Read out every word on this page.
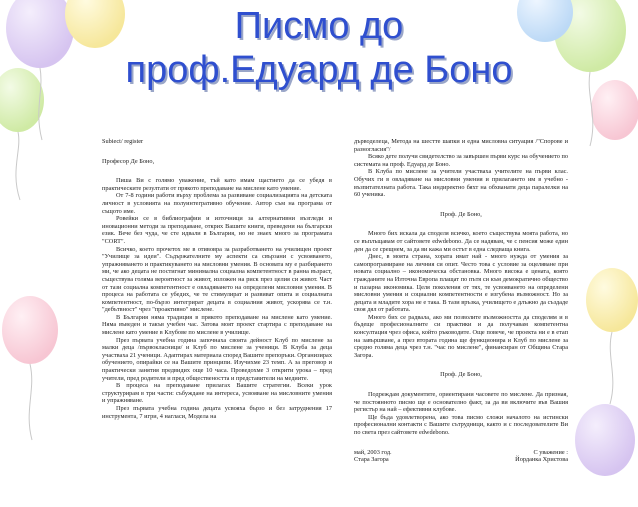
Писмо до
проф.Едуард де Боно

Subiect/ register

Професор Де Боно,

Пиша Ви с голямо уважение, тъй като имам щастието да се убедя в практическите резултати от прякото преподаване на мислене като умение.

От 7-8 години работи върху проблема за развиване социализацията на детската личност в условията на полуинтегративно обучение. Автор съм на програма от същото име.

Ровейки се в библиографии и източници за алтернативни възгледи и иновационни методи за преподаване, открих Вашите книги, преведени на български език. Вече без чуда, че сте идвали в България, но не знаех много за програмата "CORT".

Всичко, което прочетох ме в отивовра за разработването на училищен проект "Училище за идеи". Съдържателните му аспекти са свързани с усвояването, упражняването и практикуването на мисловни умения. В основата му е разбирането ми, че ако децата не постигнат минимална социална компетентност в ранна възраст, съществува голяма вероятност за живот, изложен на риск през целия си живот. Част от тази социална компетентност е овладяването на определени мисловни умения. В процеса на работата се убедих, че те стимулират и развиват опита и социалната компетентност, по-бързо интегрират децата в социалния живот, ускорява се т.н. "дебътвност" чрез "проактивно" мислене.

В България няма традиция в прякото преподаване на мислене като умение. Няма въведен и такъв учебен час. Затова моят проект стартира с преподаване на мислене като умение в Клубове по мислене в училище.

През първата учебна година започнаха своята дейност Клуб по мислене за малки деца /първокласници/ и Клуб по мислене за ученици. В Клуба за деца участваха 21 ученици. Адаптирах материала според Вашите препоръки. Организирах обучението, опирайки се на Вашите принципи. Изучихме 23 темп. А за преговор и практически занятия предвидих още 10 часа. Проведохме 3 открити урока – пред учители, пред родители и пред обществеността и представители на медиите.

В процеса на преподаване прилагах Вашите стратегии. Всеки урок структурирам в три части: събуждане на интереса, усвояване на мисловните умения и упражняване.

През първата учебна година децата усвояха бързо и без затруднения 17 инструмента, 7 игри, 4 нагласи, Модела на

дърводелеца, Метода на шестте шапки и една мисловна ситуация /"Спорове и разногласия"/

Всяко дете получи свидетелство за завършен първи курс на обучението по системата на проф. Едуард де Боно.

В Клуба по мислене за учители участваха учителите на първи клас. Обучих ги в овладяване на мисловни умения и прилагането им в учебно - възпитателната работа. Така индиректно бяхт на обхванати деца паралелки на 60 ученика.

Проф. Де Боно,

Много бих искала да споделя всичко, което съществува моята работа, но се въплъщавам от сайтовете edwdebono. Да се надявам, че с пенсия може един ден да се срещнем, за да ви кажа ми остът в една следваща книга.

Днес, в моята страна, хората имат най - много нужда от умения за самопрограмиране на личния си опит. Често това с условие за оцеляване при новата социално – икономическа обстановка. Много висока е цената, която гражданите на Източна Европа плащат по пътя си към демократично общество и пазарна икономика. Целя поколения от тях, те усвояването на определени мисловни умения и социални компетентности е изгубена възможност. Но за децата и младите хора не е така. В тази връзка, училището е длъжно да създаде своя дял от работата.

Много бих се радвала, ако ми позволите възможността да споделям и в бъдеще професионалните си практики и да получавам компетентна консултация чрез офиса, който ръководите. Още повече, че проекта ни е в етап на завършване, а през втората година ще функционира и Клуб по мислене за средно голяма деца чрез т.н. "час по мислене", финансиран от Община Стара Загора.

Проф. Де Боно,

Подреждам документите, ориентирани часовете по мислене. Да призная, че постоянното писмо ще е основателно факт, за да ви включите във Вашия регистър на най – ефективни клубове.

Ще бъда удовлетворена, ако това писмо сложи началото на истински професионални контакти с Вашите сътрудници, както и с последователите Ви по света през сайтовете edwdebono.

май, 2003 год.	С уважение :
Стара Загора	Йорданка Христова
